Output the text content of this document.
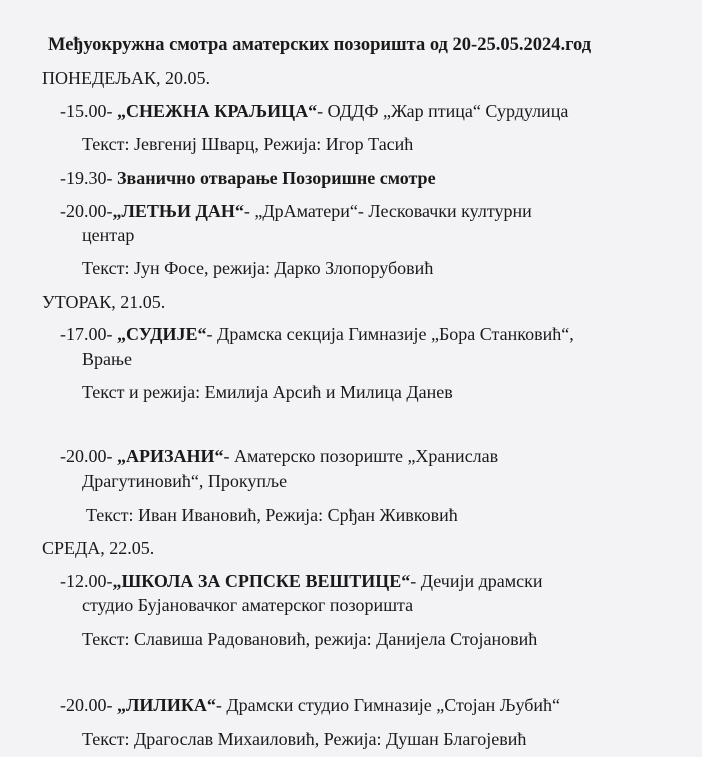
Међуокружна смотра аматерских позоришта од 20-25.05.2024.год
ПОНЕДЕЉАК, 20.05.
-15.00- „СНЕЖНА КРАЉИЦА“- ОДДФ „Жар птица“ Сурдулица
Текст: Јевгениј Шварц, Режија: Игор Тасић
-19.30- Званично отварање Позоришне смотре
-20.00-„ЛЕТЊИ ДАН“- „ДрАматери“- Лесковачки културни
центар
Текст: Јун Фосе, режија: Дарко Злопорубовић
УТОРАК, 21.05.
-17.00- „СУДИЈЕ“- Драмска секција Гимназије „Бора Станковић“,
Врање
Текст и режија: Емилија Арсић и Милица Данев
-20.00- „АРИЗАНИ“- Аматерско позориште „Хранислав
Драгутиновић“, Прокупље
Текст: Иван Ивановић, Режија: Срђан Живковић
СРЕДА, 22.05.
-12.00-„ШКОЛА ЗА СРПСКЕ ВЕШТИЦЕ“- Дечији драмски
студио Бујановачког аматерског позоришта
Текст: Славиша Радовановић, режија: Данијела Стојановић
-20.00- „ЛИЛИКА“- Драмски студио Гимназије „Стојан Љубић“
Текст: Драгослав Михаиловић, Режија: Душан Благојевић
